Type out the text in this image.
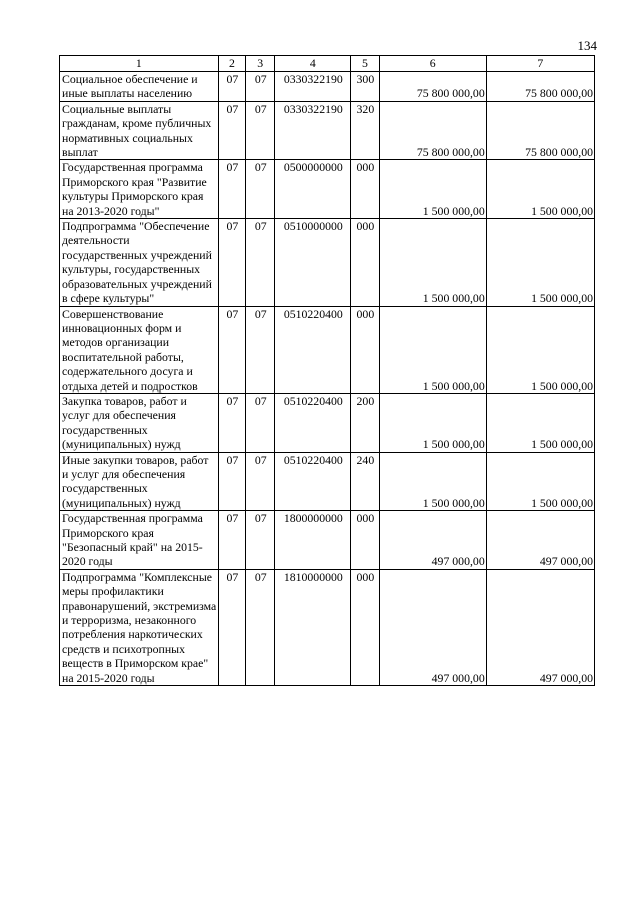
134
1	2	3	4	5	6	7
Социальное обеспечение и иные выплаты населению	07	07	0330322190	300	75 800 000,00	75 800 000,00
Социальные выплаты гражданам, кроме публичных нормативных социальных выплат	07	07	0330322190	320	75 800 000,00	75 800 000,00
Государственная программа Приморского края "Развитие культуры Приморского края на 2013-2020 годы"	07	07	0500000000	000	1 500 000,00	1 500 000,00
Подпрограмма "Обеспечение деятельности государственных учреждений культуры, государственных образовательных учреждений в сфере культуры"	07	07	0510000000	000	1 500 000,00	1 500 000,00
Совершенствование инновационных форм и методов организации воспитательной работы, содержательного досуга и отдыха детей и подростков	07	07	0510220400	000	1 500 000,00	1 500 000,00
Закупка товаров, работ и услуг для обеспечения государственных (муниципальных) нужд	07	07	0510220400	200	1 500 000,00	1 500 000,00
Иные закупки товаров, работ и услуг для обеспечения государственных (муниципальных) нужд	07	07	0510220400	240	1 500 000,00	1 500 000,00
Государственная программа Приморского края "Безопасный край" на 2015-2020 годы	07	07	1800000000	000	497 000,00	497 000,00
Подпрограмма "Комплексные меры профилактики правонарушений, экстремизма и терроризма, незаконного потребления наркотических средств и психотропных веществ в Приморском крае" на 2015-2020 годы	07	07	1810000000	000	497 000,00	497 000,00
